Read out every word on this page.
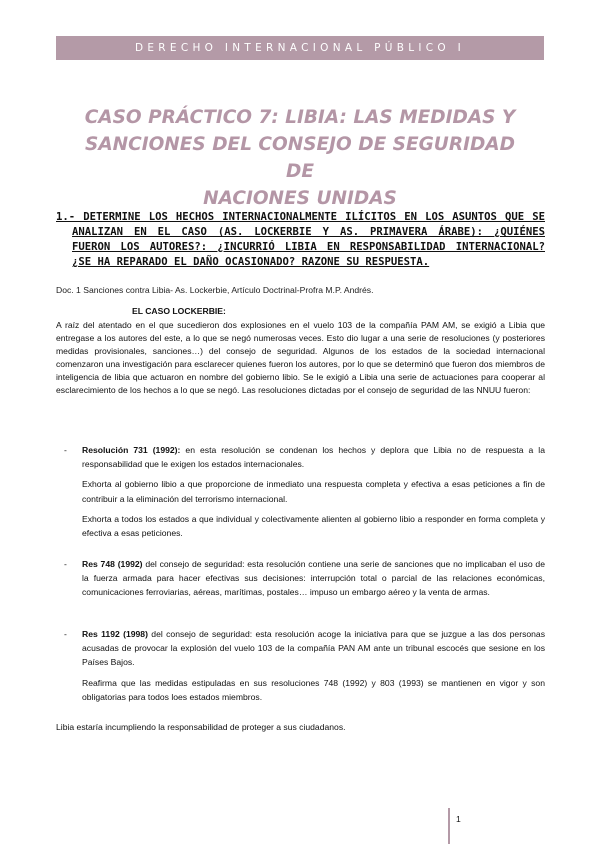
DERECHO INTERNACIONAL PÚBLICO I
CASO PRÁCTICO 7: LIBIA: LAS MEDIDAS Y
SANCIONES DEL CONSEJO DE SEGURIDAD DE
NACIONES UNIDAS
1.- DETERMINE LOS HECHOS INTERNACIONALMENTE ILÍCITOS EN LOS ASUNTOS QUE SE
ANALIZAN EN EL CASO (AS. LOCKERBIE Y AS. PRIMAVERA ÁRABE): ¿QUIÉNES
FUERON LOS AUTORES?: ¿INCURRIÓ LIBIA EN RESPONSABILIDAD INTERNACIONAL?
¿SE HA REPARADO EL DAÑO OCASIONADO? RAZONE SU RESPUESTA.
Doc. 1 Sanciones contra Libia- As. Lockerbie, Artículo Doctrinal-Profra M.P. Andrés.
EL CASO LOCKERBIE:
A raíz del atentado en el que sucedieron dos explosiones en el vuelo 103 de la compañía PAM AM, se exigió a Libia que entregase a los autores del este, a lo que se negó numerosas veces. Esto dio lugar a una serie de resoluciones (y posteriores medidas provisionales, sanciones…) del consejo de seguridad. Algunos de los estados de la sociedad internacional comenzaron una investigación para esclarecer quienes fueron los autores, por lo que se determinó que fueron dos miembros de inteligencia de libia que actuaron en nombre del gobierno libio. Se le exigió a Libia una serie de actuaciones para cooperar al esclarecimiento de los hechos a lo que se negó. Las resoluciones dictadas por el consejo de seguridad de las NNUU fueron:
- Resolución 731 (1992): en esta resolución se condenan los hechos y deplora que Libia no de respuesta a la responsabilidad que le exigen los estados internacionales.
Exhorta al gobierno libio a que proporcione de inmediato una respuesta completa y efectiva a esas peticiones a fin de contribuir a la eliminación del terrorismo internacional.
Exhorta a todos los estados a que individual y colectivamente alienten al gobierno libio a responder en forma completa y efectiva a esas peticiones.
- Res 748 (1992) del consejo de seguridad: esta resolución contiene una serie de sanciones que no implicaban el uso de la fuerza armada para hacer efectivas sus decisiones: interrupción total o parcial de las relaciones económicas, comunicaciones ferroviarias, aéreas, marítimas, postales… impuso un embargo aéreo y la venta de armas.
- Res 1192 (1998) del consejo de seguridad: esta resolución acoge la iniciativa para que se juzgue a las dos personas acusadas de provocar la explosión del vuelo 103 de la compañía PAN AM ante un tribunal escocés que sesione en los Países Bajos.
Reafirma que las medidas estipuladas en sus resoluciones 748 (1992) y 803 (1993) se mantienen en vigor y son obligatorias para todos loes estados miembros.
Libia estaría incumpliendo la responsabilidad de proteger a sus ciudadanos.
1
